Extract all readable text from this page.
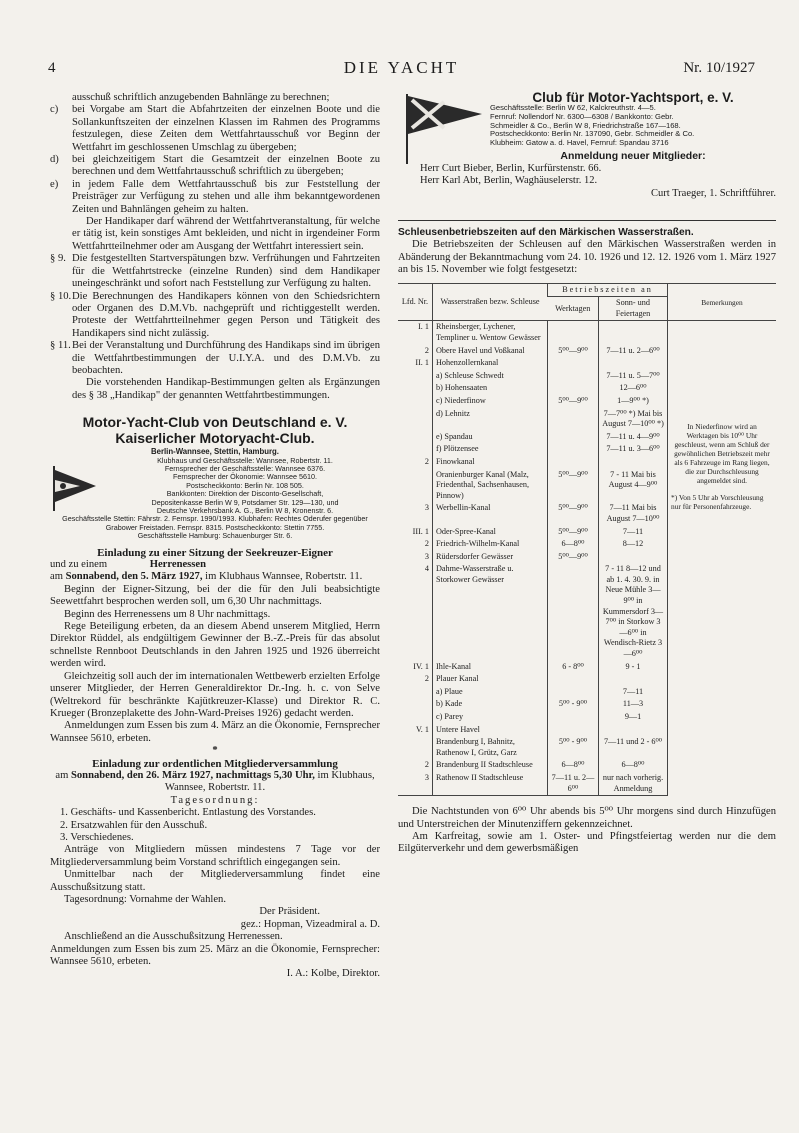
4	DIE YACHT	Nr. 10/1927

ausschuß schriftlich anzugebenden Bahnlänge zu berechnen;

c)	bei Vorgabe am Start die Abfahrtzeiten der einzelnen Boote und die Sollankunftszeiten der einzelnen Klassen im Rahmen des Programms festzulegen, diese Zeiten dem Wettfahrtausschuß vor Beginn der Wettfahrt im geschlossenen Umschlag zu übergeben;
d)	bei gleichzeitigem Start die Gesamtzeit der einzelnen Boote zu berechnen und dem Wettfahrtausschuß schriftlich zu übergeben;
e)	in jedem Falle dem Wettfahrtausschuß bis zur Feststellung der Preisträger zur Verfügung zu stehen und alle ihm bekanntgewordenen Zeiten und Bahnlängen geheim zu halten.

Der Handikaper darf während der Wettfahrtveranstaltung, für welche er tätig ist, kein sonstiges Amt bekleiden, und nicht in irgendeiner Form Wettfahrtteilnehmer oder am Ausgang der Wettfahrt interessiert sein.

§ 9. Die festgestellten Startverspätungen bzw. Verfrühungen und Fahrtzeiten für die Wettfahrtstrecke (einzelne Runden) sind dem Handikaper uneingeschränkt und sofort nach Feststellung zur Verfügung zu halten.
§ 10. Die Berechnungen des Handikapers können von den Schiedsrichtern oder Organen des D.M.Vb. nachgeprüft und richtiggestellt werden. Proteste der Wettfahrtteilnehmer gegen Person und Tätigkeit des Handikapers sind nicht zulässig.
§ 11. Bei der Veranstaltung und Durchführung des Handikaps sind im übrigen die Wettfahrtbestimmungen der U.I.Y.A. und des D.M.Vb. zu beobachten.

Die vorstehenden Handikap-Bestimmungen gelten als Ergänzungen des § 38 „Handikap" der genannten Wettfahrtbestimmungen.

Motor-Yacht-Club von Deutschland e. V.
Kaiserlicher Motoryacht-Club.
Berlin-Wannsee, Stettin, Hamburg.
Klubhaus und Geschäftsstelle: Wannsee, Robertstr. 11.
Fernsprecher der Geschäftsstelle: Wannsee 6376.
Fernsprecher der Ökonomie: Wannsee 5610.
Postscheckkonto: Berlin Nr. 108 505.
Bankkonten: Direktion der Disconto-Gesellschaft,
Depositenkasse Berlin W 9, Potsdamer Str. 129—130, und
Deutsche Verkehrsbank A. G., Berlin W 8, Kronenstr. 6.
Geschäftsstelle Stettin: Fährstr. 2. Fernspr. 1990/1993. Klubhafen: Rechtes Oderufer gegenüber Grabower Freistaden. Fernspr. 8315. Postscheckkonto: Stettin 7755.
Geschäftsstelle Hamburg: Schauenburger Str. 6.
Einladung zu einer Sitzung der Seekreuzer-Eigner
und zu einem	Herrenessen

am Sonnabend, den 5. März 1927, im Klubhaus Wannsee, Robertstr. 11.

Beginn der Eigner-Sitzung, bei der die für den Juli beabsichtigte Seewettfahrt besprochen werden soll, um 6,30 Uhr nachmittags.

Beginn des Herrenessens um 8 Uhr nachmittags.

Rege Beteiligung erbeten, da an diesem Abend unserem Mitglied, Herrn Direktor Rüddel, als endgültigem Gewinner der B.-Z.-Preis für das absolut schnellste Rennboot Deutschlands in den Jahren 1925 und 1926 überreicht werden wird.

Gleichzeitig soll auch der im internationalen Wettbewerb erzielten Erfolge unserer Mitglieder, der Herren Generaldirektor Dr.-Ing. h. c. von Selve (Weltrekord für beschränkte Kajütkreuzer-Klasse) und Direktor R. C. Krueger (Bronzeplakette des John-Ward-Preises 1926) gedacht werden.

Anmeldungen zum Essen bis zum 4. März an die Ökonomie, Fernsprecher Wannsee 5610, erbeten.

*
Einladung zur ordentlichen Mitgliederversammlung

am Sonnabend, den 26. März 1927, nachmittags 5,30 Uhr, im Klubhaus, Wannsee, Robertstr. 11.

Tagesordnung:
1. Geschäfts- und Kassenbericht. Entlastung des Vorstandes.
2. Ersatzwahlen für den Ausschuß.
3. Verschiedenes.

Anträge von Mitgliedern müssen mindestens 7 Tage vor der Mitgliederversammlung beim Vorstand schriftlich eingegangen sein.

Unmittelbar nach der Mitgliederversammlung findet eine Ausschußsitzung statt.

Tagesordnung: Vornahme der Wahlen.

Der Präsident.
gez.: Hopman, Vizeadmiral a. D.

Anschließend an die Ausschußsitzung Herrenessen.

Anmeldungen zum Essen bis zum 25. März an die Ökonomie, Fernsprecher: Wannsee 5610, erbeten.

I. A.: Kolbe, Direktor.
Club für Motor-Yachtsport, e. V.
Geschäftsstelle: Berlin W 62, Kalckreuthstr. 4—5.
Fernruf: Nollendorf Nr. 6300—6308 / Bankkonto: Gebr.
Schmeidler & Co., Berlin W 8, Friedrichstraße 167—168.
Postscheckkonto: Berlin Nr. 137090, Gebr. Schmeidler & Co.
Klubheim: Gatow a. d. Havel, Fernruf: Spandau 3716
Anmeldung neuer Mitglieder:
Herr Curt Bieber, Berlin, Kurfürstenstr. 66.
Herr Karl Abt, Berlin, Waghäuselerstr. 12.
Curt Traeger, 1. Schriftführer.
Schleusenbetriebszeiten auf den Märkischen Wasserstraßen.

Die Betriebszeiten der Schleusen auf den Märkischen Wasserstraßen werden in Abänderung der Bekanntmachung vom 24. 10. 1926 und 12. 12. 1926 vom 1. März 1927 an bis 15. November wie folgt festgesetzt:

Lfd. Nr.	Wasserstraßen bezw. Schleuse	Betriebszeiten an		Bemerkungen
		Werktagen	Sonn- und Feiertagen	
I. 1	Rheinsberger, Lychener, Templiner u. Wentow Gewässer			In Niederfinow wird an Werktagen bis 10⁰⁰ Uhr geschleust, wenn am Schluß der gewöhnlichen Betriebszeit mehr als 6 Fahrzeuge im Rang liegen, die zur Durchschleusung angemeldet sind.
*) Von 5 Uhr ab Vorschleusung nur für Personenfahrzeuge.

2	Obere Havel und Voßkanal	5⁰⁰—9⁰⁰	7—11 u. 2—6⁰⁰	
II. 1	Hohenzollernkanal			
	a) Schleuse Schwedt		7—11 u. 5—7⁰⁰	
	b) Hohensaaten		12—6⁰⁰	
	c) Niederfinow	5⁰⁰—9⁰⁰	1—9⁰⁰ *)	
	d) Lehnitz		7—7⁰⁰ *) Mai bis August 7—10⁰⁰ *)	
	e) Spandau		7—11 u. 4—9⁰⁰	
	f) Plötzensee		7—11 u. 3—6⁰⁰	
2	Finowkanal			
	Oranienburger Kanal (Malz, Friedenthal, Sachsenhausen, Pinnow)	5⁰⁰—9⁰⁰	7 - 11 Mai bis August 4—9⁰⁰	
3	Werbellin-Kanal	5⁰⁰—9⁰⁰	7—11 Mai bis August 7—10⁰⁰	
III. 1	Oder-Spree-Kanal	5⁰⁰—9⁰⁰	7—11	
2	Friedrich-Wilhelm-Kanal	6—8⁰⁰	8—12	
3	Rüdersdorfer Gewässer	5⁰⁰—9⁰⁰		
4	Dahme-Wasserstraße u. Storkower Gewässer		7 - 11 8—12 und ab 1. 4. 30. 9. in Neue Mühle 3—9⁰⁰ in Kummersdorf 3—7⁰⁰ in Storkow 3—6⁰⁰ in Wendisch-Rietz 3—6⁰⁰	
IV. 1	Ihle-Kanal	6 - 8⁰⁰	9 - 1	
2	Plauer Kanal			
	a) Plaue		7—11	
	b) Kade	5⁰⁰ - 9⁰⁰	11—3	
	c) Parey		9—1	
V. 1	Untere Havel			
	Brandenburg I, Bahnitz, Rathenow I, Grütz, Garz	5⁰⁰ - 9⁰⁰	7—11 und 2 - 6⁰⁰	
2	Brandenburg II Stadtschleuse	6—8⁰⁰	6—8⁰⁰	
3	Rathenow II Stadtschleuse	7—11 u. 2—6⁰⁰	nur nach vorherig. Anmeldung	

Die Nachtstunden von 6⁰⁰ Uhr abends bis 5⁰⁰ Uhr morgens sind durch Hinzufügen und Unterstreichen der Minutenziffern gekennzeichnet.

Am Karfreitag, sowie am 1. Oster- und Pfingstfeiertag werden nur die dem Eilgüterverkehr und dem gewerbsmäßigen
